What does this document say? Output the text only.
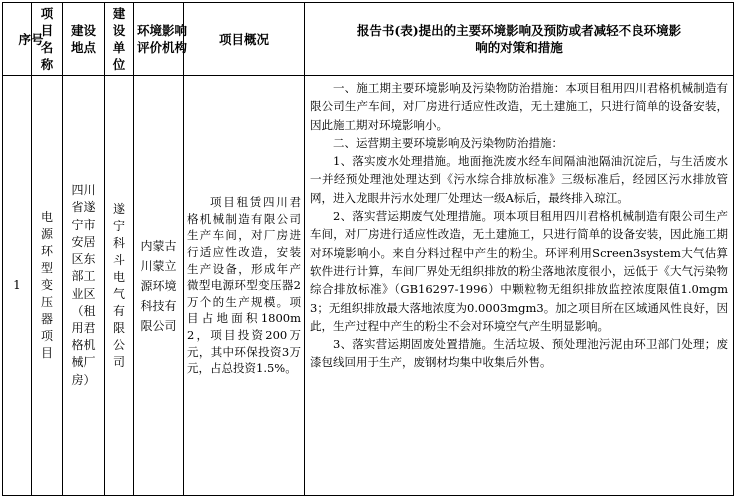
序号	项目名称	建设地点	建设单位	环境影响评价机构	项目概况	报告书(表)提出的主要环境影响及预防或者减轻不良环境影响的对策和措施

1	电源环型变压器项目	四川省遂宁市安居区东部工业区（租用君格机械厂房）	遂宁科斗电气有限公司	内蒙古川蒙立源环境科技有限公司	项目租赁四川君格机械制造有限公司生产车间，对厂房进行适应性改造，安装生产设备，形成年产微型电源环型变压器2万个的生产规模。项目占地面积1800m2，项目投资200万元，其中环保投资3万元，占总投资1.5%。	一、施工期主要环境影响及污染物防治措施：本项目租用四川君格机械制造有限公司生产车间，对厂房进行适应性改造，无土建施工，只进行简单的设备安装，因此施工期对环境影响小。

二、运营期主要环境影响及污染物防治措施：

1、落实废水处理措施。地面拖洗废水经车间隔油池隔油沉淀后，与生活废水一并经预处理池处理达到《污水综合排放标准》三级标准后，经园区污水排放管网，进入龙眼井污水处理厂处理达一级A标后，最终排入琼江。

2、落实营运期废气处理措施。项本项目租用四川君格机械制造有限公司生产车间，对厂房进行适应性改造，无土建施工，只进行简单的设备安装，因此施工期对环境影响小。来自分料过程中产生的粉尘。环评利用Screen3system大气估算软件进行计算，车间厂界处无组织排放的粉尘落地浓度很小，远低于《大气污染物综合排放标准》（GB16297-1996）中颗粒物无组织排放监控浓度限值1.0mgm3；无组织排放最大落地浓度为0.0003mgm3。加之项目所在区域通风性良好，因此，生产过程中产生的粉尘不会对环境空气产生明显影响。

3、落实营运期固废处置措施。生活垃圾、预处理池污泥由环卫部门处理；废漆包线回用于生产，废钢材均集中收集后外售。
